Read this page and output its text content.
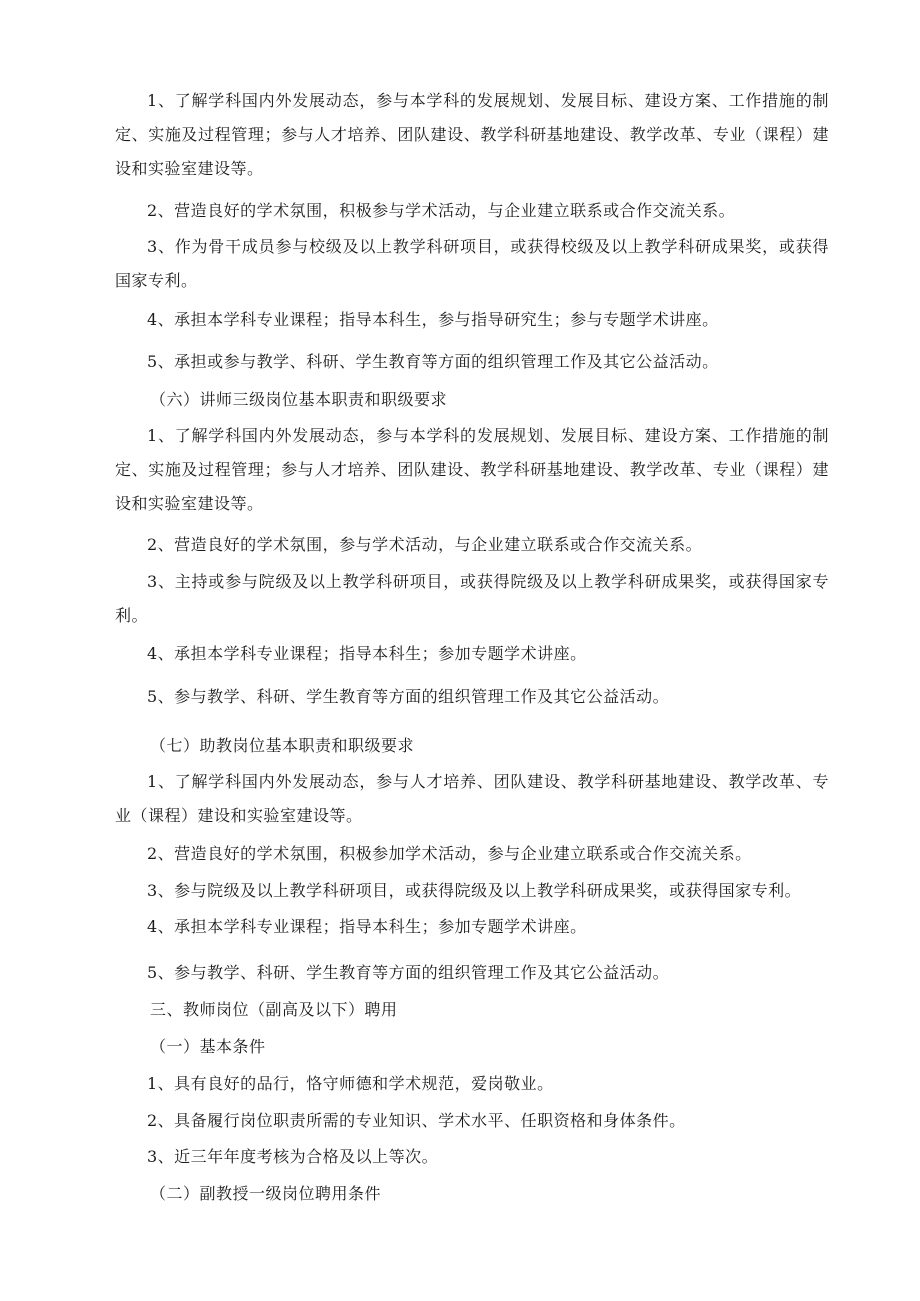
1、了解学科国内外发展动态，参与本学科的发展规划、发展目标、建设方案、工作措施的制定、实施及过程管理；参与人才培养、团队建设、教学科研基地建设、教学改革、专业（课程）建设和实验室建设等。

2、营造良好的学术氛围，积极参与学术活动，与企业建立联系或合作交流关系。

3、作为骨干成员参与校级及以上教学科研项目，或获得校级及以上教学科研成果奖，或获得国家专利。

4、承担本学科专业课程；指导本科生，参与指导研究生；参与专题学术讲座。

5、承担或参与教学、科研、学生教育等方面的组织管理工作及其它公益活动。

（六）讲师三级岗位基本职责和职级要求

1、了解学科国内外发展动态，参与本学科的发展规划、发展目标、建设方案、工作措施的制定、实施及过程管理；参与人才培养、团队建设、教学科研基地建设、教学改革、专业（课程）建设和实验室建设等。

2、营造良好的学术氛围，参与学术活动，与企业建立联系或合作交流关系。

3、主持或参与院级及以上教学科研项目，或获得院级及以上教学科研成果奖，或获得国家专利。

4、承担本学科专业课程；指导本科生；参加专题学术讲座。

5、参与教学、科研、学生教育等方面的组织管理工作及其它公益活动。

（七）助教岗位基本职责和职级要求

1、了解学科国内外发展动态，参与人才培养、团队建设、教学科研基地建设、教学改革、专业（课程）建设和实验室建设等。

2、营造良好的学术氛围，积极参加学术活动，参与企业建立联系或合作交流关系。

3、参与院级及以上教学科研项目，或获得院级及以上教学科研成果奖，或获得国家专利。

4、承担本学科专业课程；指导本科生；参加专题学术讲座。

5、参与教学、科研、学生教育等方面的组织管理工作及其它公益活动。

三、教师岗位（副高及以下）聘用

（一）基本条件

1、具有良好的品行，恪守师德和学术规范，爱岗敬业。

2、具备履行岗位职责所需的专业知识、学术水平、任职资格和身体条件。

3、近三年年度考核为合格及以上等次。

（二）副教授一级岗位聘用条件
